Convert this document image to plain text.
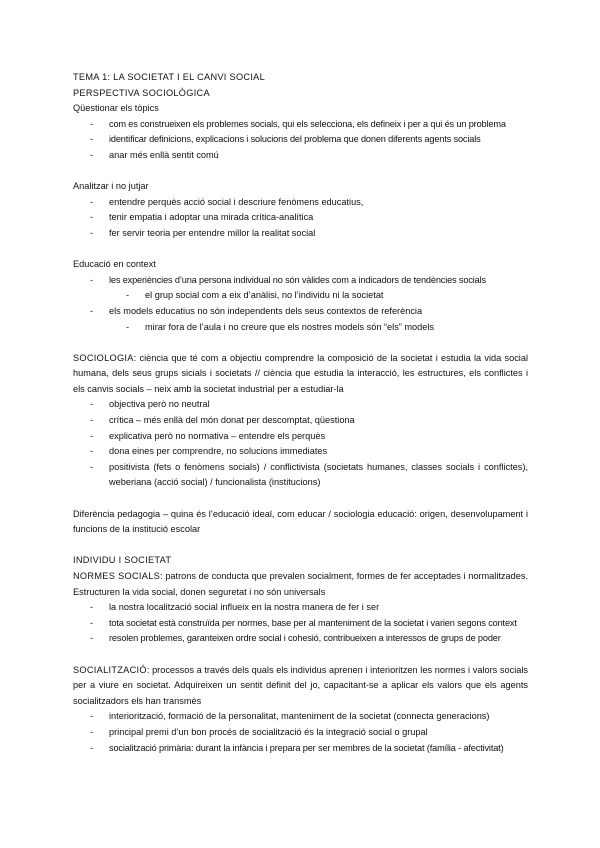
TEMA 1: LA SOCIETAT I EL CANVI SOCIAL
PERSPECTIVA SOCIOLÒGICA
Qüestionar els tòpics
- com es construeixen els problemes socials, qui els selecciona, els defineix i per a qui és un problema
- identificar definicions, explicacions i solucions del problema que donen diferents agents socials
- anar més enllà sentit comú
Analitzar i no jutjar
- entendre perquès acció social i descriure fenòmens educatius,
- tenir empatia i adoptar una mirada crítica-analítica
- fer servir teoria per entendre millor la realitat social
Educació en context
- les experiències d’una persona individual no són vàlides com a indicadors de tendències socials
- el grup social com a eix d’anàlisi, no l’individu ni la societat
- els models educatius no són independents dels seus contextos de referència
- mirar fora de l’aula i no creure que els nostres models són “els” models
SOCIOLOGIA: ciència que té com a objectiu comprendre la composició de la societat i estudia la vida social humana, dels seus grups sicials i societats // ciència que estudia la interacció, les estructures, els conflictes i els canvis socials – neix amb la societat industrial per a estudiar-la
- objectiva però no neutral
- crítica – més enllà del món donat per descomptat, qüestiona
- explicativa però no normativa – entendre els perquès
- dona eines per comprendre, no solucions immediates
- positivista (fets o fenòmens socials) / conflictivista (societats humanes, classes socials i conflictes), weberiana (acció social) / funcionalista (institucions)
Diferència pedagogia – quina és l’educació ideal, com educar / sociologia educació: origen, desenvolupament i funcions de la institució escolar
INDIVIDU I SOCIETAT
NORMES SOCIALS: patrons de conducta que prevalen socialment, formes de fer acceptades i normalitzades. Estructuren la vida social, donen seguretat i no són universals
- la nostra localització social influeix en la nostra manera de fer i ser
- tota societat està construïda per normes, base per al manteniment de la societat i varien segons context
- resolen problemes, garanteixen ordre social i cohesió, contribueixen a interessos de grups de poder
SOCIALITZACIÓ: processos a través dels quals els individus aprenen i interioritzen les normes i valors socials per a viure en societat. Adquireixen un sentit definit del jo, capacitant-se a aplicar els valors que els agents socialitzadors els han transmès
- interiorització, formació de la personalitat, manteniment de la societat (connecta generacions)
- principal premi d’un bon procés de socialització és la integració social o grupal
- socialització primària: durant la infància i prepara per ser membres de la societat (família - afectivitat)
